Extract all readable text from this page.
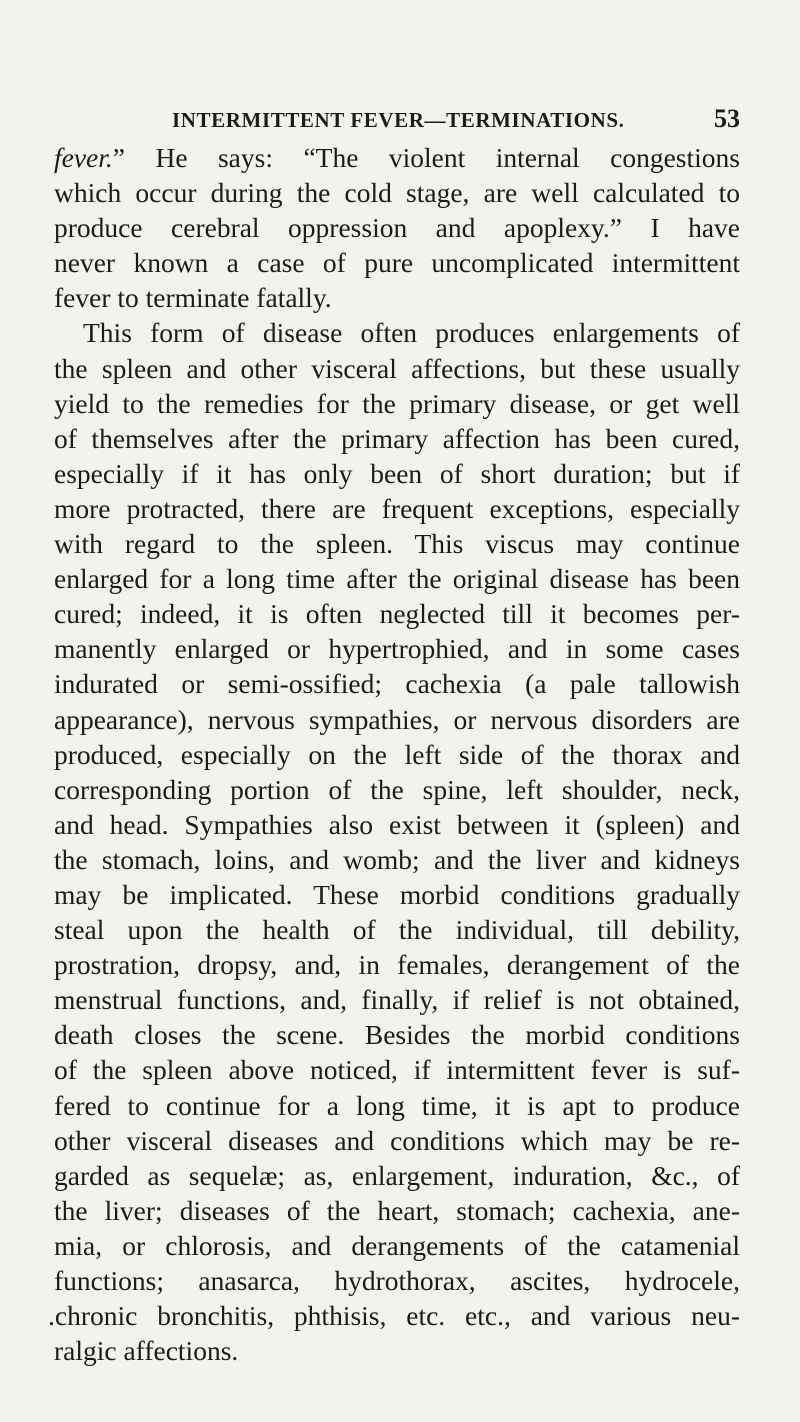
INTERMITTENT FEVER—TERMINATIONS.	53
fever.” He says: “The violent internal congestions
which occur during the cold stage, are well calculated to
produce cerebral oppression and apoplexy.” I have
never known a case of pure uncomplicated intermittent
fever to terminate fatally.
This form of disease often produces enlargements of
the spleen and other visceral affections, but these usually
yield to the remedies for the primary disease, or get well
of themselves after the primary affection has been cured,
especially if it has only been of short duration; but if
more protracted, there are frequent exceptions, especially
with regard to the spleen. This viscus may continue
enlarged for a long time after the original disease has been
cured; indeed, it is often neglected till it becomes per-
manently enlarged or hypertrophied, and in some cases
indurated or semi-ossified; cachexia (a pale tallowish
appearance), nervous sympathies, or nervous disorders are
produced, especially on the left side of the thorax and
corresponding portion of the spine, left shoulder, neck,
and head. Sympathies also exist between it (spleen) and
the stomach, loins, and womb; and the liver and kidneys
may be implicated. These morbid conditions gradually
steal upon the health of the individual, till debility,
prostration, dropsy, and, in females, derangement of the
menstrual functions, and, finally, if relief is not obtained,
death closes the scene. Besides the morbid conditions
of the spleen above noticed, if intermittent fever is suf-
fered to continue for a long time, it is apt to produce
other visceral diseases and conditions which may be re-
garded as sequelæ; as, enlargement, induration, &c., of
the liver; diseases of the heart, stomach; cachexia, ane-
mia, or chlorosis, and derangements of the catamenial
functions; anasarca, hydrothorax, ascites, hydrocele,
.chronic bronchitis, phthisis, etc. etc., and various neu-
ralgic affections.
